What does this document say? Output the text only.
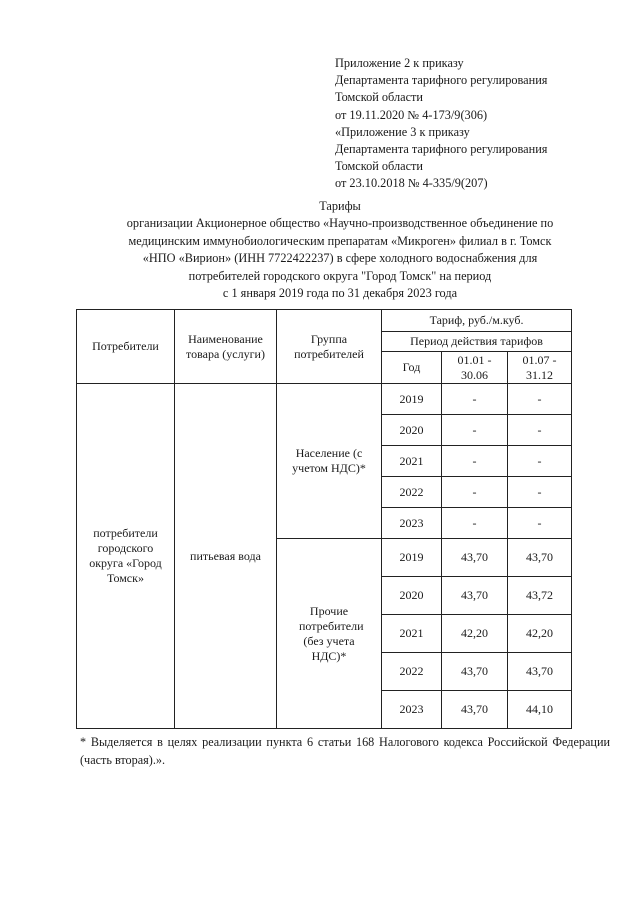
Приложение 2 к приказу
Департамента тарифного регулирования
Томской области
от 19.11.2020 № 4-173/9(306)
«Приложение 3 к приказу
Департамента тарифного регулирования
Томской области
от 23.10.2018 № 4-335/9(207)
Тарифы
организации Акционерное общество «Научно-производственное объединение по
медицинским иммунобиологическим препаратам «Микроген» филиал в г. Томск
«НПО «Вирион» (ИНН 7722422237) в сфере холодного водоснабжения для
потребителей городского округа "Город Томск" на период
с 1 января 2019 года по 31 декабря 2023 года
Потребители	Наименование товара (услуги)	Группа потребителей	Тариф, руб./м.куб.		
			Период действия тарифов		
			Год	01.01 - 30.06	01.07 - 31.12

потребители городского округа «Город Томск»	питьевая вода	Население (с учетом НДС)*	2019	-	-
			2020	-	-
			2021	-	-
			2022	-	-
			2023	-	-

		Прочие потребители (без учета НДС)*	2019	43,70	43,70
			2020	43,70	43,72
			2021	42,20	42,20
			2022	43,70	43,70
			2023	43,70	44,10
* Выделяется в целях реализации пункта 6 статьи 168 Налогового кодекса Российской Федерации (часть вторая).».
